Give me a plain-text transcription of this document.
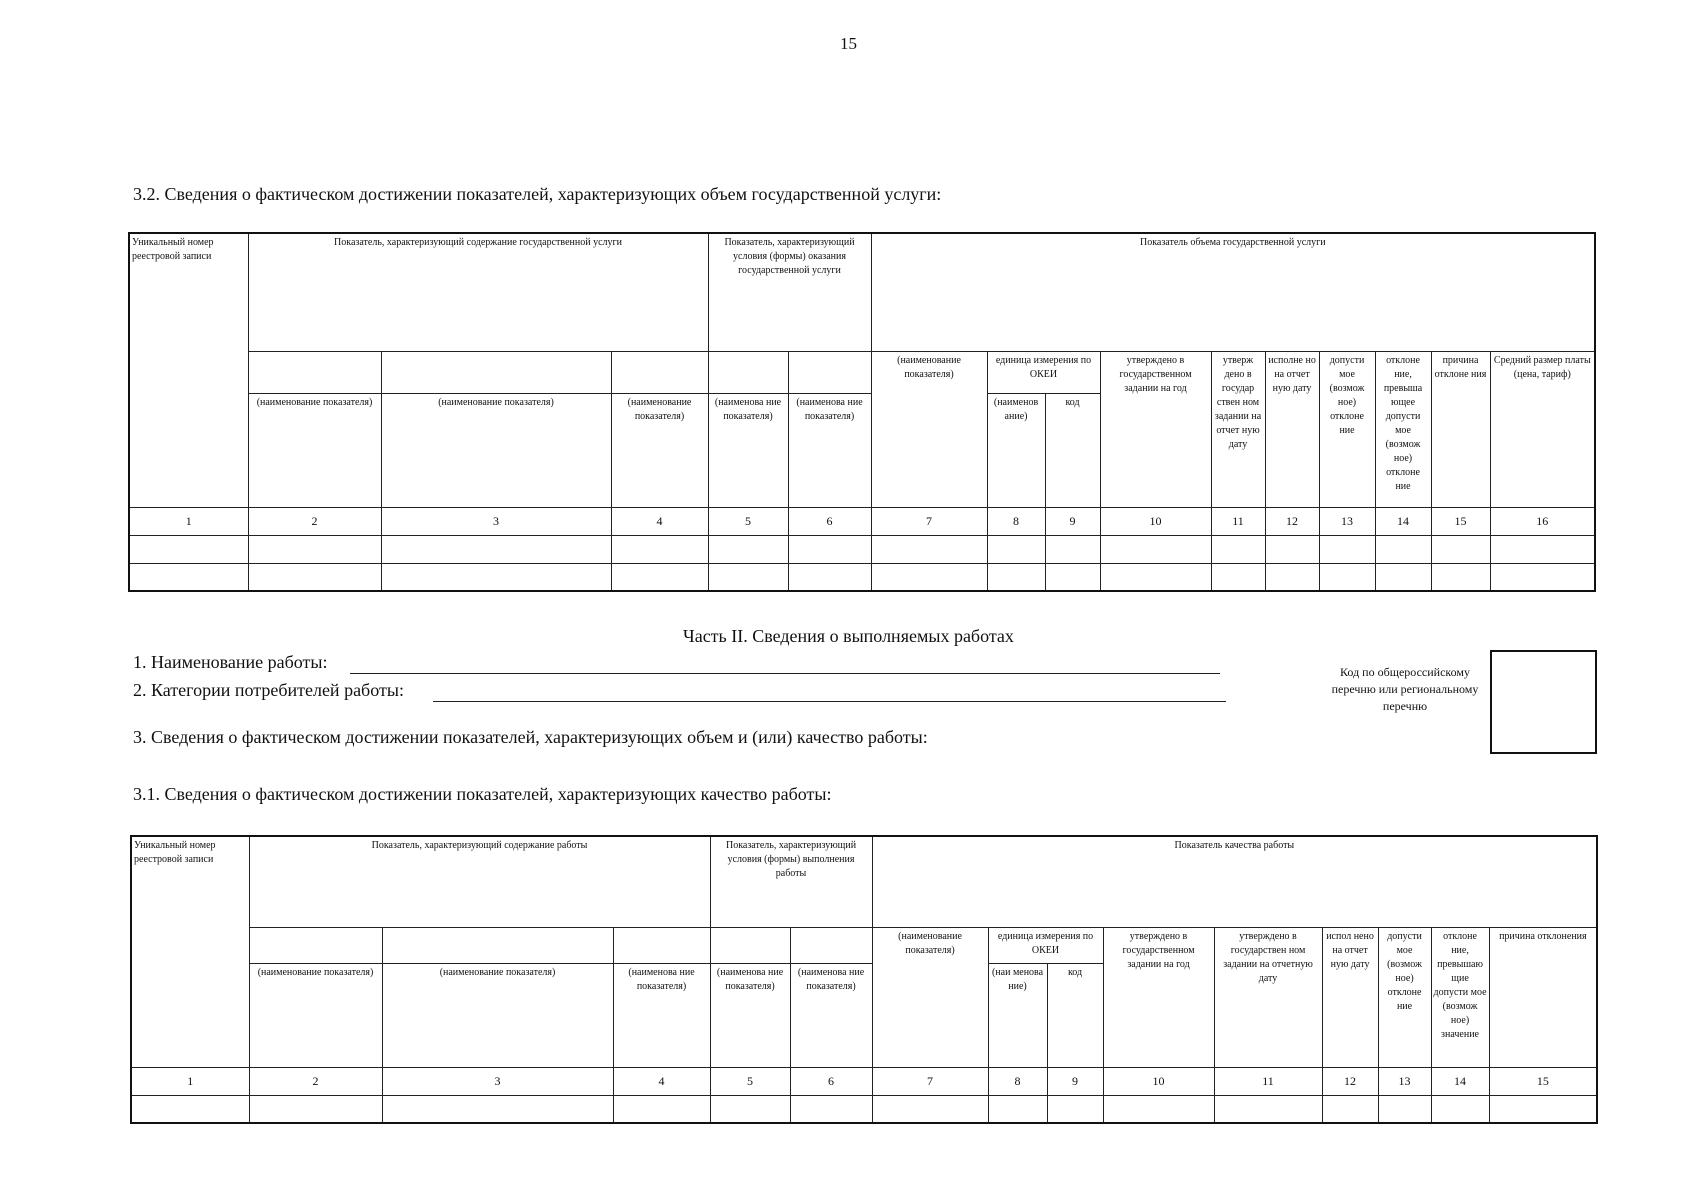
15
3.2. Сведения о фактическом достижении показателей, характеризующих объем государственной услуги:
Уникальный номер реестровой записи	Показатель, характеризующий содержание государственной услуги			Показатель, характеризующий условия (формы) оказания государственной услуги		Показатель объема государственной услуги									
						(наименование показателя)	единица измерения по ОКЕИ		утверждено в государственном задании на год	утверж дено в государ ствен ном задании на отчет ную дату	исполне но на отчет ную дату	допусти мое (возмож ное) отклоне ние	отклоне ние, превыша ющее допусти мое (возмож ное) отклоне ние	причина отклоне ния	Средний размер платы (цена, тариф)
	(наименование показателя)	(наименование показателя)	(наименование показателя)	(наименова ние показателя)	(наименова ние показателя)		(наименов ание)	код							
1	2	3	4	5	6	7	8	9	10	11	12	13	14	15	16

Часть II. Сведения о выполняемых работах
1. Наименование работы:
2. Категории потребителей работы:
Код по общероссийскому перечню или региональному перечню
3. Сведения о фактическом достижении показателей, характеризующих объем и (или) качество работы:
3.1. Сведения о фактическом достижении показателей, характеризующих качество работы:
Уникальный номер реестровой записи	Показатель, характеризующий содержание работы			Показатель, характеризующий условия (формы) выполнения работы		Показатель качества работы								
						(наименование показателя)	единица измерения по ОКЕИ		утверждено в государственном задании на год	утверждено в государствен ном задании на отчетную дату	испол нено на отчет ную дату	допусти мое (возмож ное) отклоне ние	отклоне ние, превышаю щие допусти мое (возмож ное) значение	причина отклонения
	(наименование показателя)	(наименование показателя)	(наименова ние показателя)	(наименова ние показателя)	(наименова ние показателя)		(наи менова ние)	код						
1	2	3	4	5	6	7	8	9	10	11	12	13	14	15
